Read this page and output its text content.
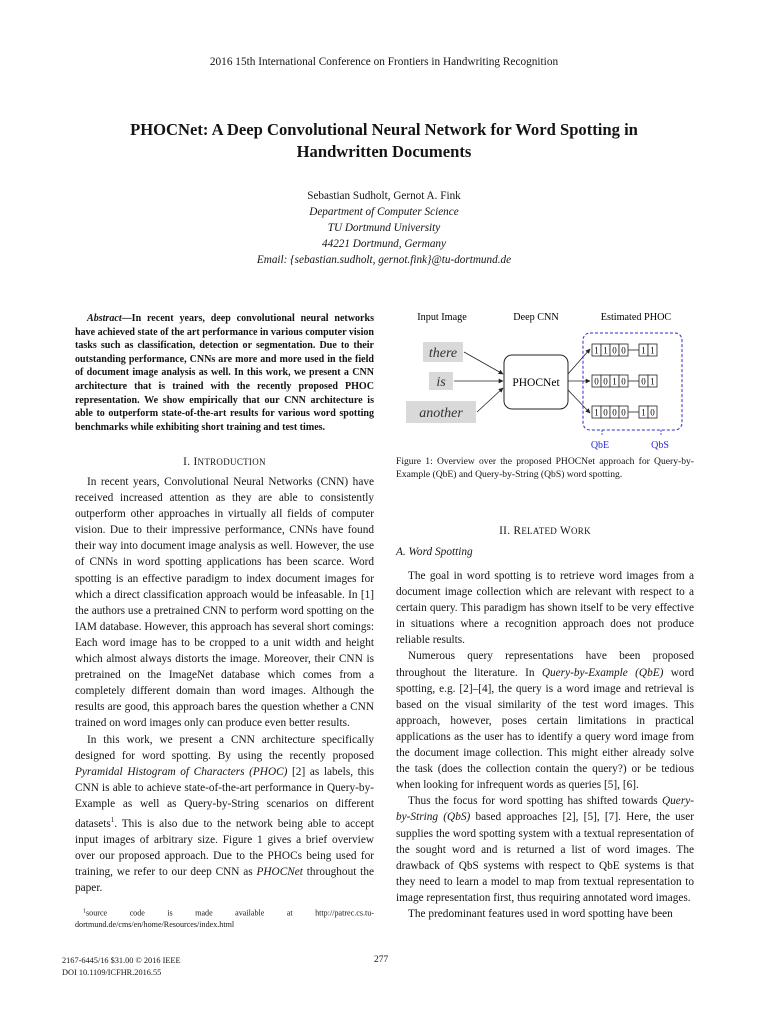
2016 15th International Conference on Frontiers in Handwriting Recognition
PHOCNet: A Deep Convolutional Neural Network for Word Spotting in
Handwritten Documents
Sebastian Sudholt, Gernot A. Fink
Department of Computer Science
TU Dortmund University
44221 Dortmund, Germany
Email: {sebastian.sudholt, gernot.fink}@tu-dortmund.de

Abstract—In recent years, deep convolutional neural networks have achieved state of the art performance in various computer vision tasks such as classification, detection or segmentation. Due to their outstanding performance, CNNs are more and more used in the field of document image analysis as well. In this work, we present a CNN architecture that is trained with the recently proposed PHOC representation. We show empirically that our CNN architecture is able to outperform state-of-the-art results for various word spotting benchmarks while exhibiting short training and test times.

I. INTRODUCTION

In recent years, Convolutional Neural Networks (CNN) have received increased attention as they are able to consistently outperform other approaches in virtually all fields of computer vision. Due to their impressive performance, CNNs have found their way into document image analysis as well. However, the use of CNNs in word spotting applications has been scarce. Word spotting is an effective paradigm to index document images for which a direct classification approach would be infeasable. In [1] the authors use a pretrained CNN to perform word spotting on the IAM database. However, this approach has several short comings: Each word image has to be cropped to a unit width and height which almost always distorts the image. Moreover, their CNN is pretrained on the ImageNet database which comes from a completely different domain than word images. Although the results are good, this approach bares the question whether a CNN trained on word images only can produce even better results.

In this work, we present a CNN architecture specifically designed for word spotting. By using the recently proposed Pyramidal Histogram of Characters (PHOC) [2] as labels, this CNN is able to achieve state-of-the-art performance in Query-by-Example as well as Query-by-String scenarios on different datasets$^1$. This is also due to the network being able to accept input images of arbitrary size. Figure 1 gives a brief overview over our proposed approach. Due to the PHOCs being used for training, we refer to our deep CNN as PHOCNet throughout the paper.

$^1$source code is made available at http://patrec.cs.tu-dortmund.de/cms/en/home/Resources/index.html
2167-6445/16 $31.00 © 2016 IEEE
DOI 10.1109/ICFHR.2016.55
277
Input Image	Deep CNN	Estimated PHOC
there
is
another
PHOCNet
1 1 0 0 1 1
0 0 1 0 0 1
1 0 0 0 1 0
QbE	QbS
Figure 1: Overview over the proposed PHOCNet approach for Query-by-Example (QbE) and Query-by-String (QbS) word spotting.
II. RELATED WORK
A. Word Spotting

The goal in word spotting is to retrieve word images from a document image collection which are relevant with respect to a certain query. This paradigm has shown itself to be very effective in situations where a recognition approach does not produce reliable results.

Numerous query representations have been proposed throughout the literature. In Query-by-Example (QbE) word spotting, e.g. [2]–[4], the query is a word image and retrieval is based on the visual similarity of the test word images. This approach, however, poses certain limitations in practical applications as the user has to identify a query word image from the document image collection. This might either already solve the task (does the collection contain the query?) or be tedious when looking for infrequent words as queries [5], [6].

Thus the focus for word spotting has shifted towards Query-by-String (QbS) based approaches [2], [5], [7]. Here, the user supplies the word spotting system with a textual representation of the sought word and is returned a list of word images. The drawback of QbS systems with respect to QbE systems is that they need to learn a model to map from textual representation to image representation first, thus requiring annotated word images.

The predominant features used in word spotting have been
